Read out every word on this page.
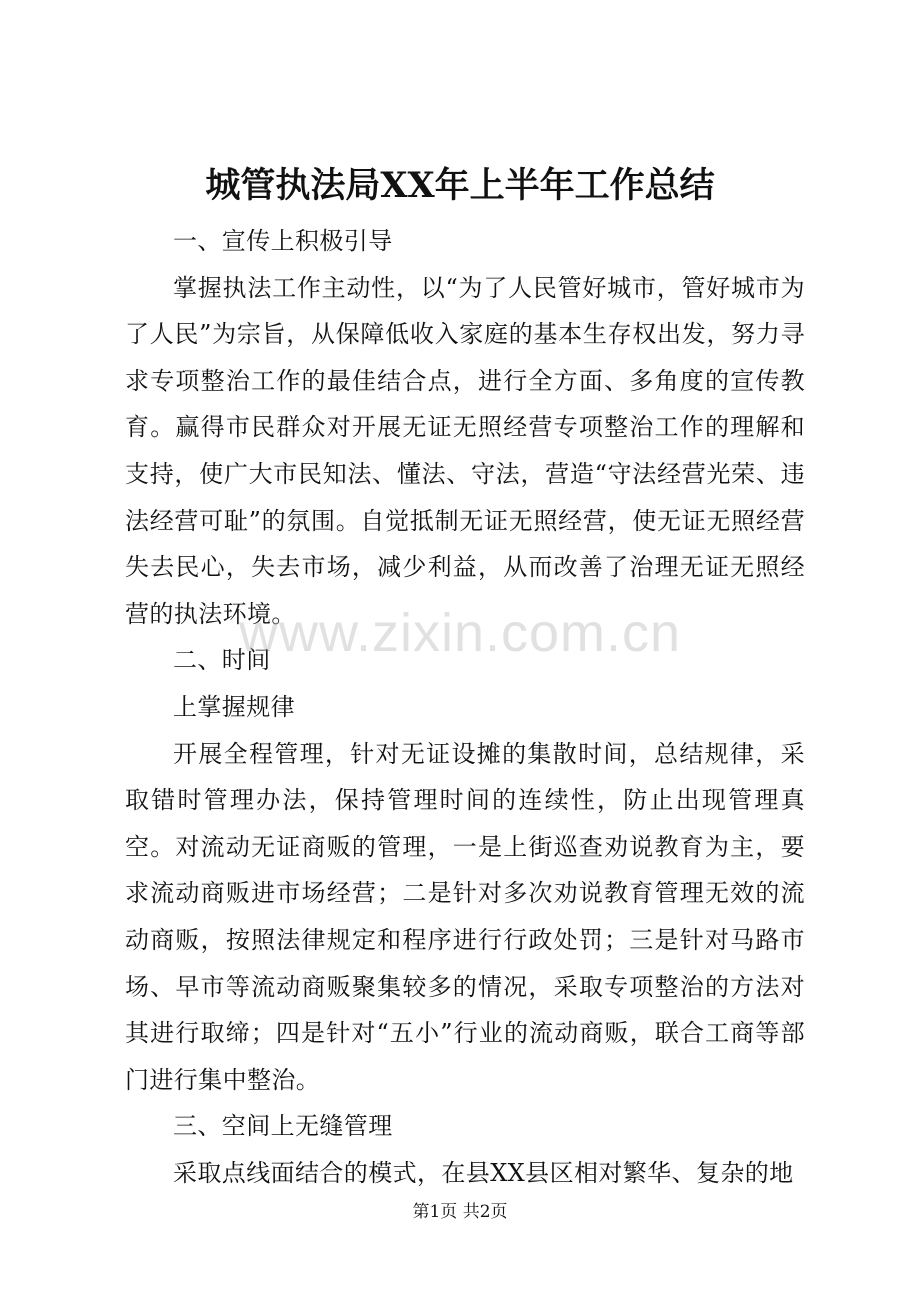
城管执法局XX年上半年工作总结

一、宣传上积极引导

掌握执法工作主动性，以“为了人民管好城市，管好城市为了人民”为宗旨，从保障低收入家庭的基本生存权出发，努力寻求专项整治工作的最佳结合点，进行全方面、多角度的宣传教育。赢得市民群众对开展无证无照经营专项整治工作的理解和支持，使广大市民知法、懂法、守法，营造“守法经营光荣、违法经营可耻”的氛围。自觉抵制无证无照经营，使无证无照经营失去民心，失去市场，减少利益，从而改善了治理无证无照经营的执法环境。

二、时间

上掌握规律

开展全程管理，针对无证设摊的集散时间，总结规律，采取错时管理办法，保持管理时间的连续性，防止出现管理真空。对流动无证商贩的管理，一是上街巡查劝说教育为主，要求流动商贩进市场经营；二是针对多次劝说教育管理无效的流动商贩，按照法律规定和程序进行行政处罚；三是针对马路市场、早市等流动商贩聚集较多的情况，采取专项整治的方法对其进行取缔；四是针对“五小”行业的流动商贩，联合工商等部门进行集中整治。

三、空间上无缝管理

采取点线面结合的模式，在县XX县区相对繁华、复杂的地

www.zixin.com.cn
第1页 共2页
